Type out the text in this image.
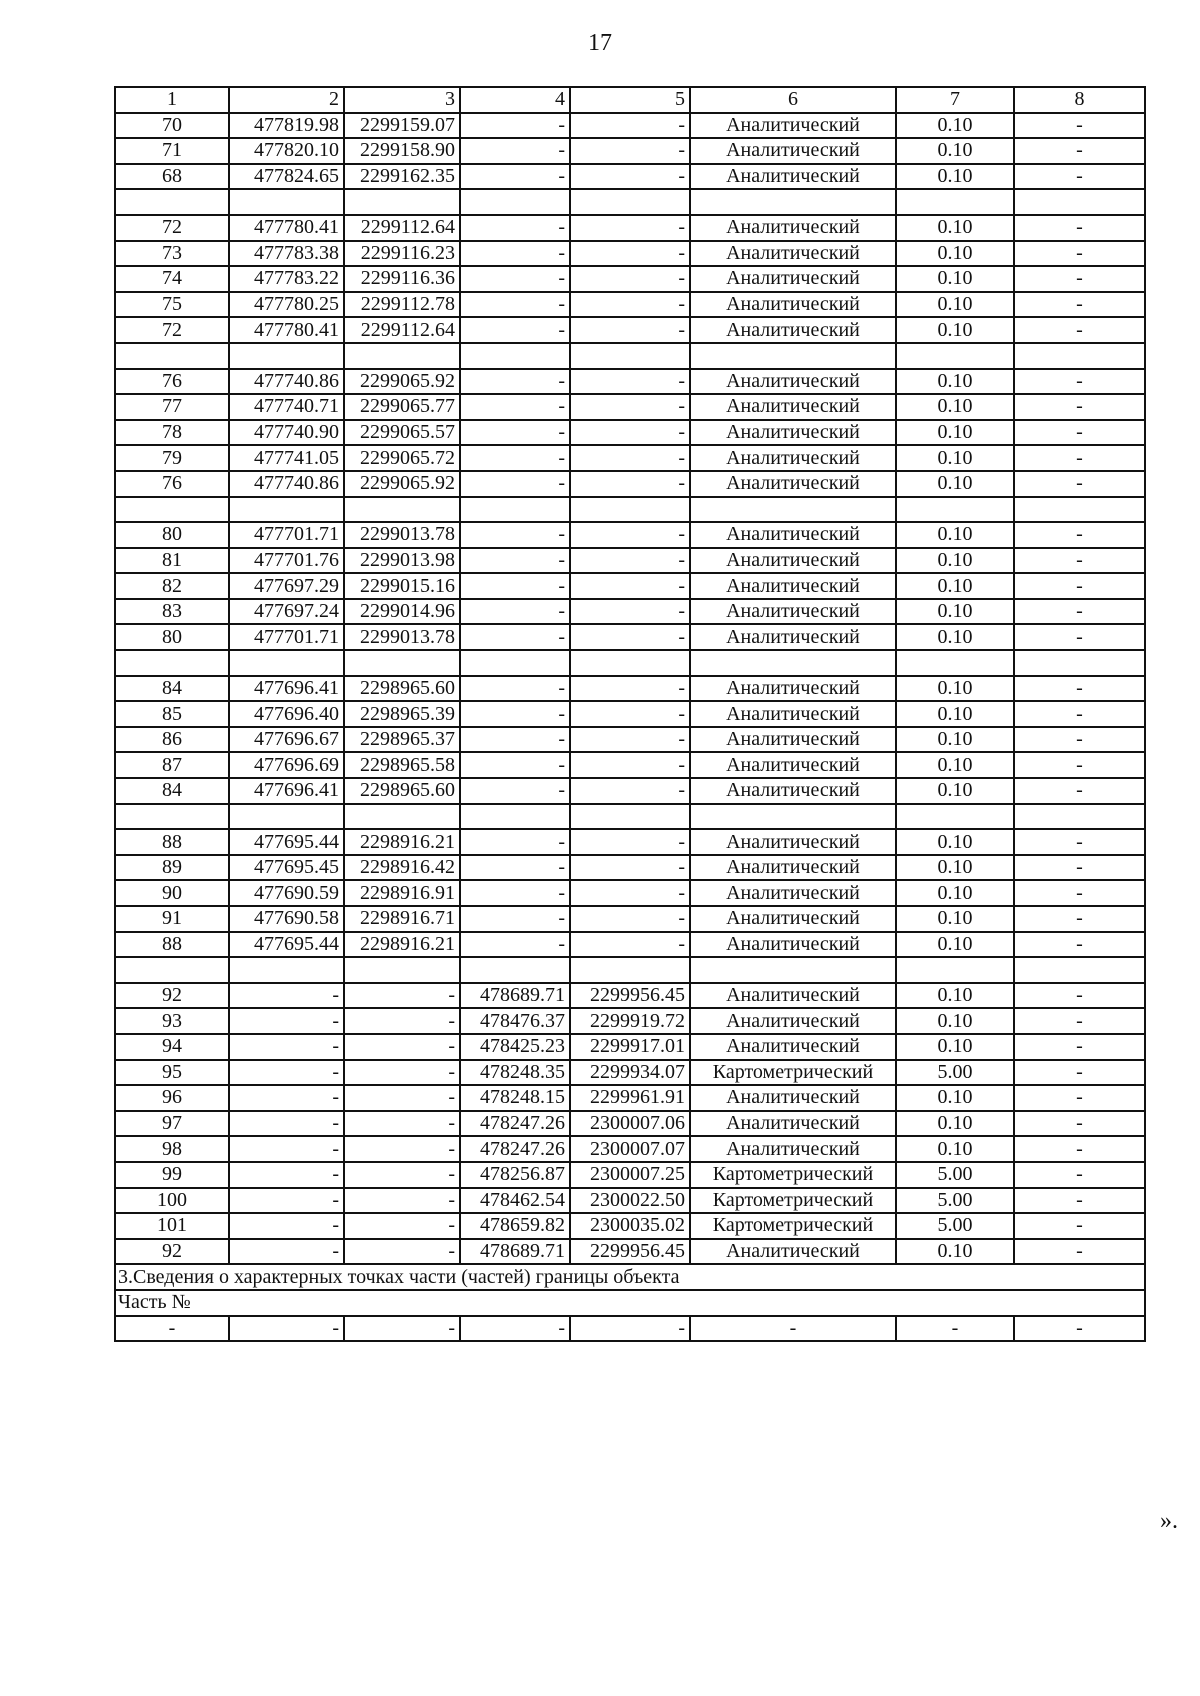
17
1	2	3	4	5	6	7	8
70	477819.98	2299159.07	-	-	Аналитический	0.10	-
71	477820.10	2299158.90	-	-	Аналитический	0.10	-
68	477824.65	2299162.35	-	-	Аналитический	0.10	-

72	477780.41	2299112.64	-	-	Аналитический	0.10	-
73	477783.38	2299116.23	-	-	Аналитический	0.10	-
74	477783.22	2299116.36	-	-	Аналитический	0.10	-
75	477780.25	2299112.78	-	-	Аналитический	0.10	-
72	477780.41	2299112.64	-	-	Аналитический	0.10	-

76	477740.86	2299065.92	-	-	Аналитический	0.10	-
77	477740.71	2299065.77	-	-	Аналитический	0.10	-
78	477740.90	2299065.57	-	-	Аналитический	0.10	-
79	477741.05	2299065.72	-	-	Аналитический	0.10	-
76	477740.86	2299065.92	-	-	Аналитический	0.10	-

80	477701.71	2299013.78	-	-	Аналитический	0.10	-
81	477701.76	2299013.98	-	-	Аналитический	0.10	-
82	477697.29	2299015.16	-	-	Аналитический	0.10	-
83	477697.24	2299014.96	-	-	Аналитический	0.10	-
80	477701.71	2299013.78	-	-	Аналитический	0.10	-

84	477696.41	2298965.60	-	-	Аналитический	0.10	-
85	477696.40	2298965.39	-	-	Аналитический	0.10	-
86	477696.67	2298965.37	-	-	Аналитический	0.10	-
87	477696.69	2298965.58	-	-	Аналитический	0.10	-
84	477696.41	2298965.60	-	-	Аналитический	0.10	-

88	477695.44	2298916.21	-	-	Аналитический	0.10	-
89	477695.45	2298916.42	-	-	Аналитический	0.10	-
90	477690.59	2298916.91	-	-	Аналитический	0.10	-
91	477690.58	2298916.71	-	-	Аналитический	0.10	-
88	477695.44	2298916.21	-	-	Аналитический	0.10	-

92	-	-	478689.71	2299956.45	Аналитический	0.10	-
93	-	-	478476.37	2299919.72	Аналитический	0.10	-
94	-	-	478425.23	2299917.01	Аналитический	0.10	-
95	-	-	478248.35	2299934.07	Картометрический	5.00	-
96	-	-	478248.15	2299961.91	Аналитический	0.10	-
97	-	-	478247.26	2300007.06	Аналитический	0.10	-
98	-	-	478247.26	2300007.07	Аналитический	0.10	-
99	-	-	478256.87	2300007.25	Картометрический	5.00	-
100	-	-	478462.54	2300022.50	Картометрический	5.00	-
101	-	-	478659.82	2300035.02	Картометрический	5.00	-
92	-	-	478689.71	2299956.45	Аналитический	0.10	-
3.Сведения о характерных точках части (частей) границы объекта							
Часть №							
-	-	-	-	-	-	-	-
».
